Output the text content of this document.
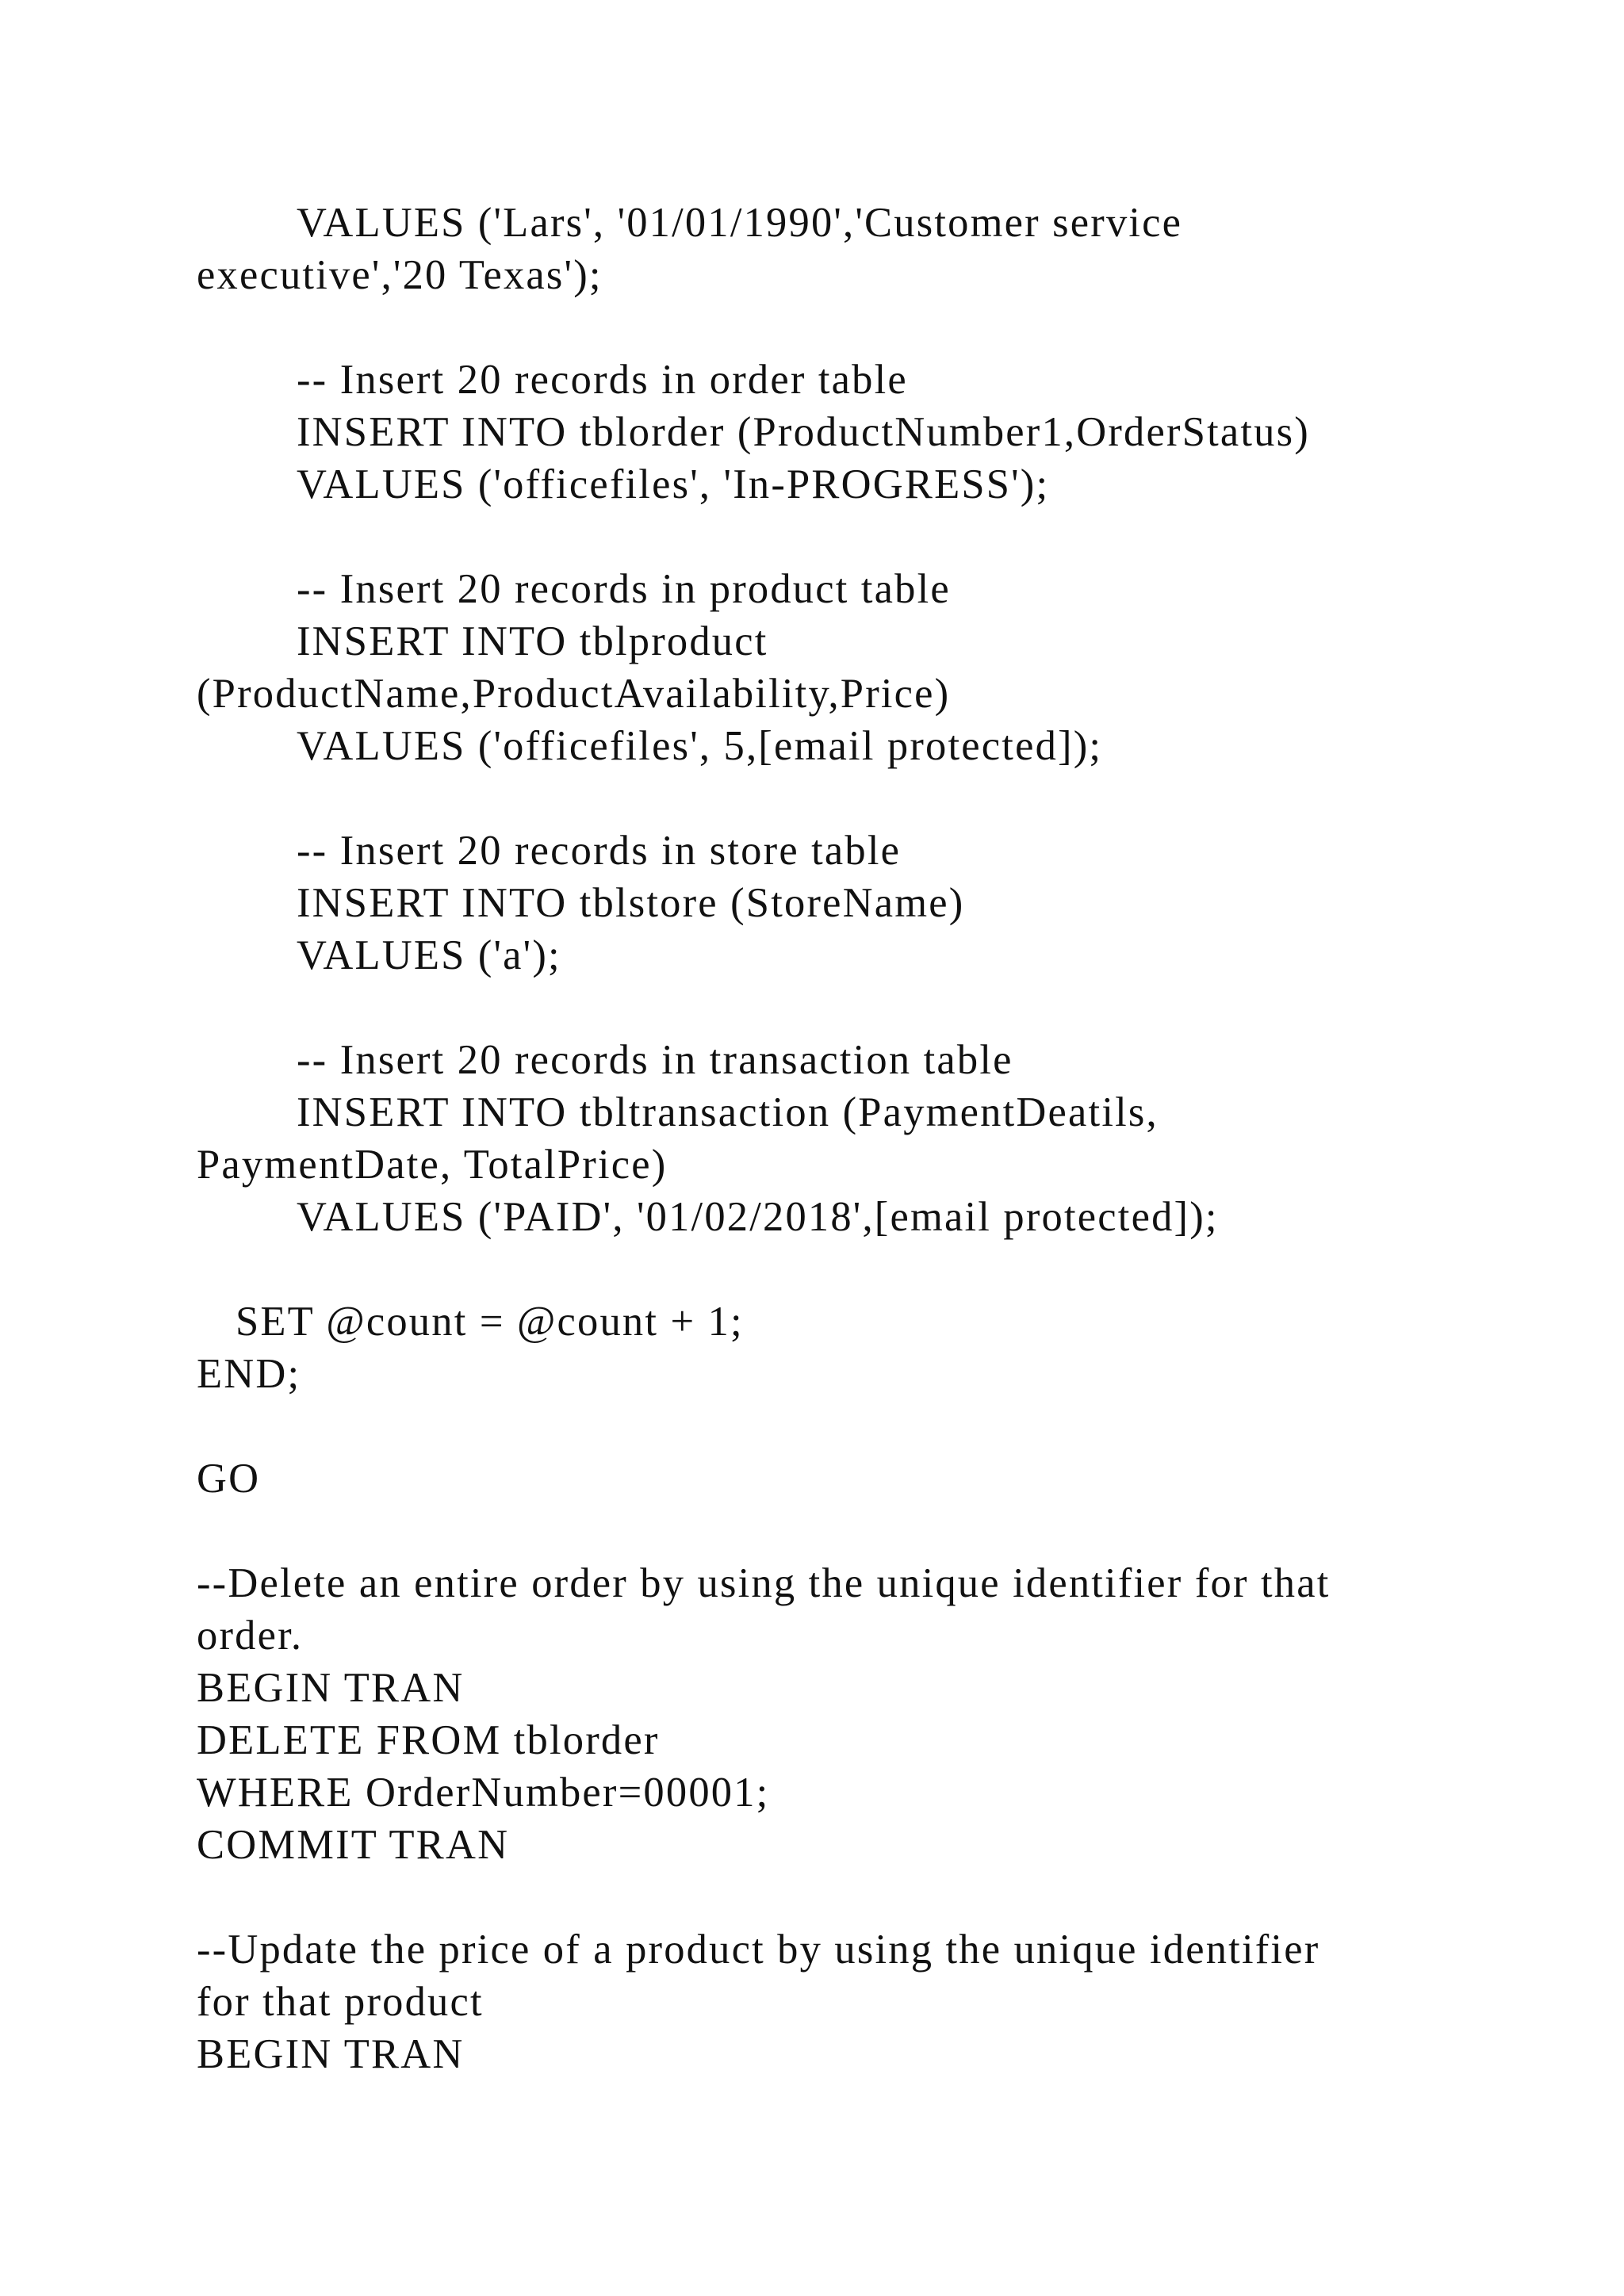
VALUES ('Lars', '01/01/1990','Customer service

executive','20 Texas');

-- Insert 20 records in order table

INSERT INTO tblorder (ProductNumber1,OrderStatus)

VALUES ('officefiles', 'In-PROGRESS');

-- Insert 20 records in product table

INSERT INTO tblproduct

(ProductName,ProductAvailability,Price)

VALUES ('officefiles', 5,[email protected]);

-- Insert 20 records in store table

INSERT INTO tblstore (StoreName)

VALUES ('a');

-- Insert 20 records in transaction table

INSERT INTO tbltransaction (PaymentDeatils,

PaymentDate, TotalPrice)

VALUES ('PAID', '01/02/2018',[email protected]);

SET @count = @count + 1;

END;

GO

--Delete an entire order by using the unique identifier for that

order.

BEGIN TRAN

DELETE FROM tblorder

WHERE OrderNumber=00001;

COMMIT TRAN

--Update the price of a product by using the unique identifier

for that product

BEGIN TRAN
